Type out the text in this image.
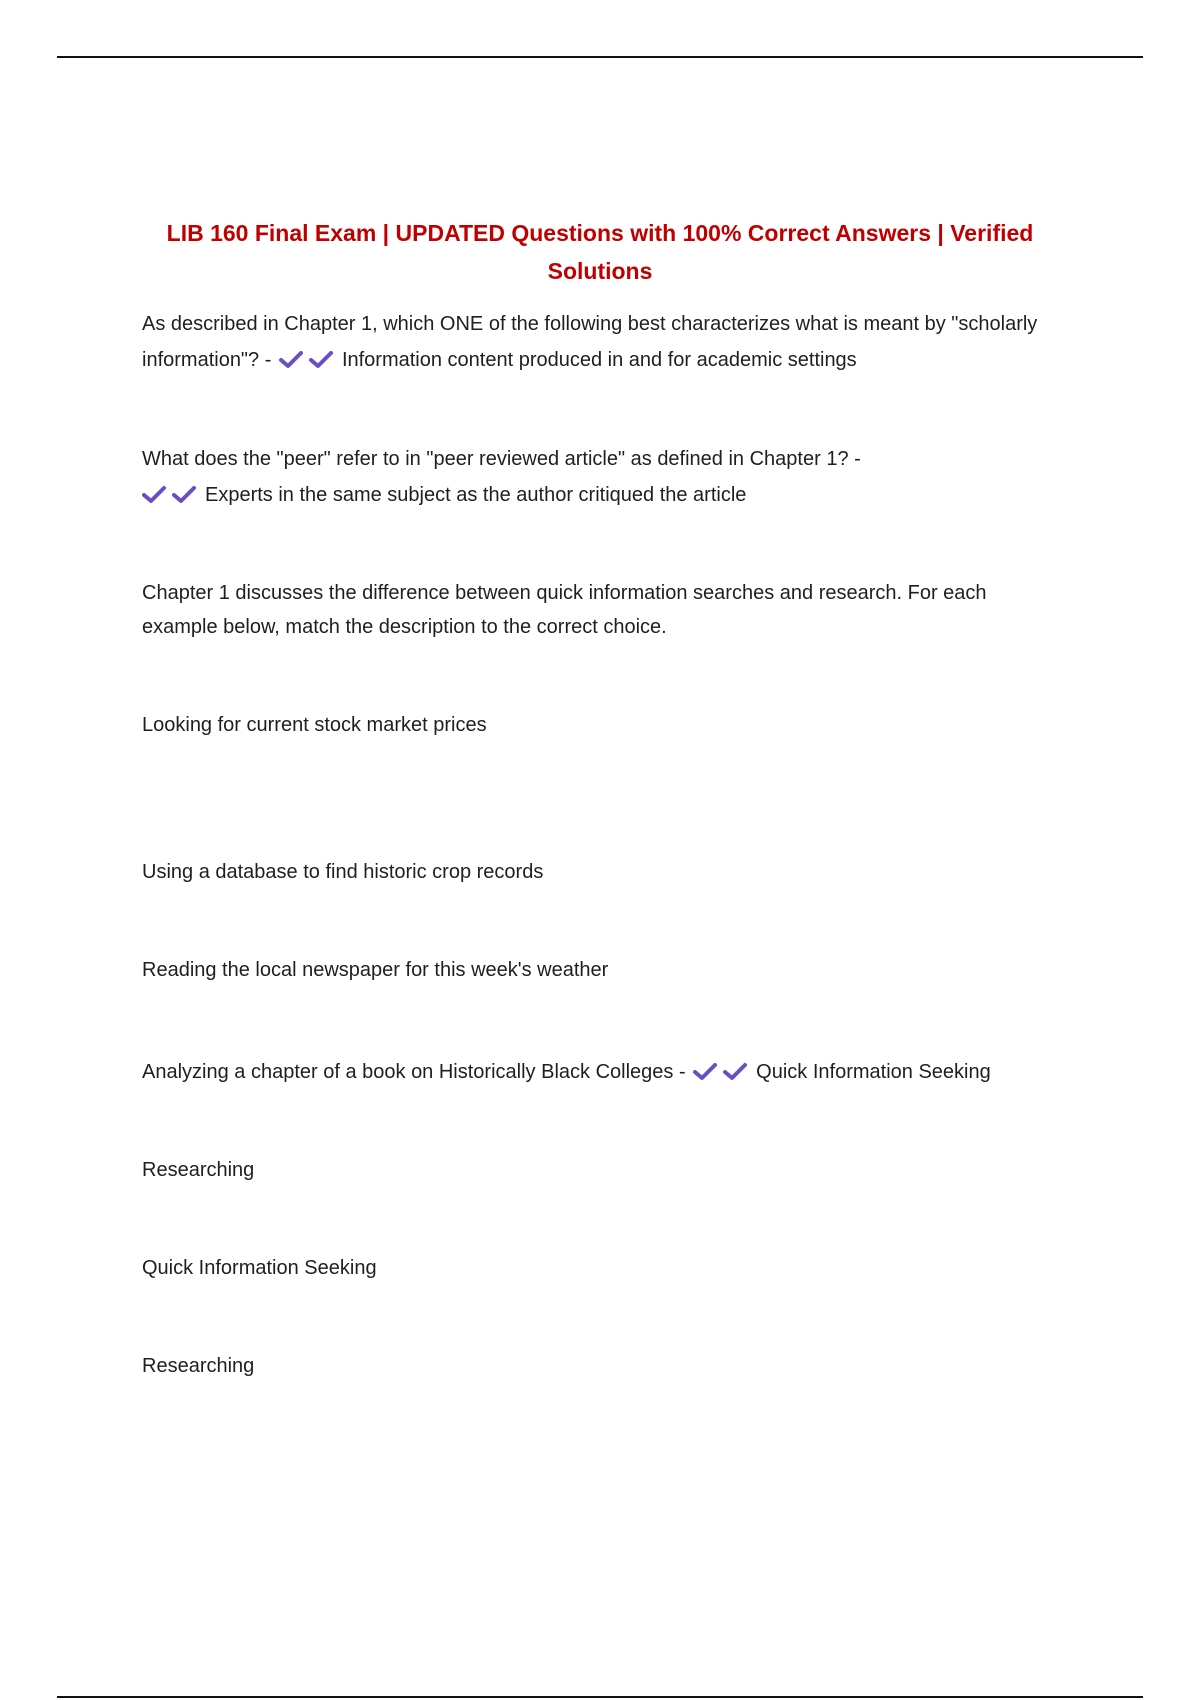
LIB 160 Final Exam | UPDATED Questions with 100% Correct Answers | Verified Solutions

As described in Chapter 1, which ONE of the following best characterizes what is meant by "scholarly information"? -	Information content produced in and for academic settings

What does the "peer" refer to in "peer reviewed article" as defined in Chapter 1? -

Experts in the same subject as the author critiqued the article

Chapter 1 discusses the difference between quick information searches and research. For each example below, match the description to the correct choice.

Looking for current stock market prices

Using a database to find historic crop records

Reading the local newspaper for this week's weather

Analyzing a chapter of a book on Historically Black Colleges -	Quick Information Seeking

Researching

Quick Information Seeking

Researching
